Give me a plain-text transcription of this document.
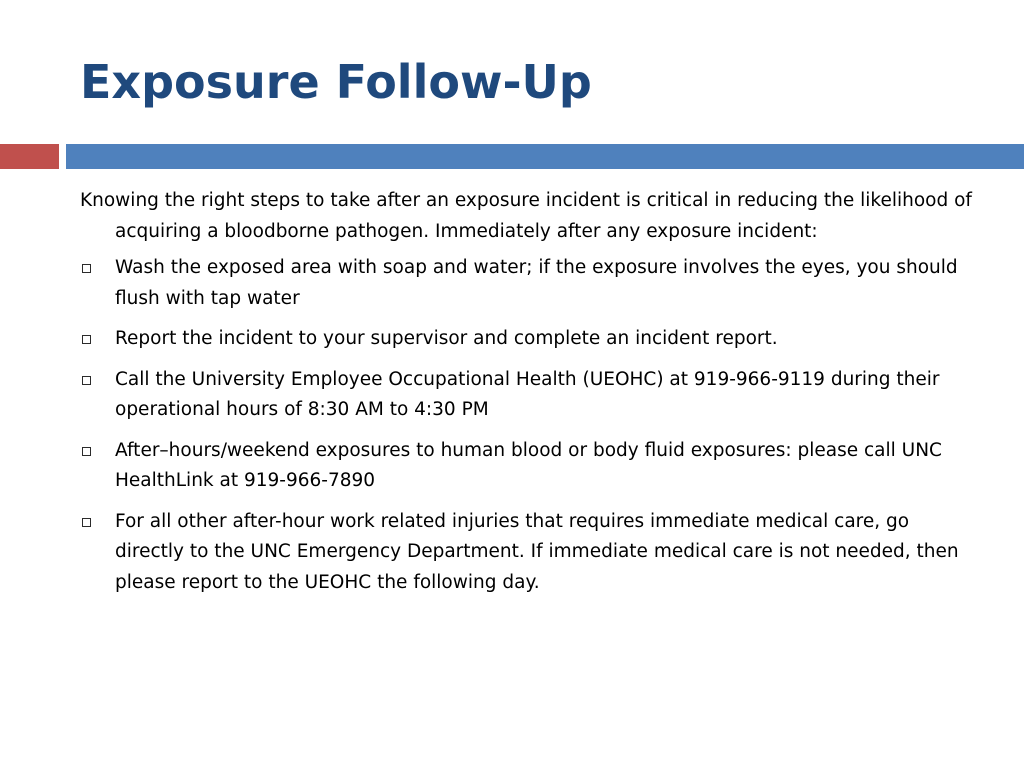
Exposure Follow-Up

Knowing the right steps to take after an exposure incident is critical in reducing the likelihood of acquiring a bloodborne pathogen. Immediately after any exposure incident:

Wash the exposed area with soap and water; if the exposure involves the eyes, you should flush with tap water
Report the incident to your supervisor and complete an incident report.
Call the University Employee Occupational Health (UEOHC) at 919-966-9119 during their operational hours of 8:30 AM to 4:30 PM
After–hours/weekend exposures to human blood or body fluid exposures: please call UNC HealthLink at 919-966-7890
For all other after-hour work related injuries that requires immediate medical care, go directly to the UNC Emergency Department. If immediate medical care is not needed, then please report to the UEOHC the following day.
